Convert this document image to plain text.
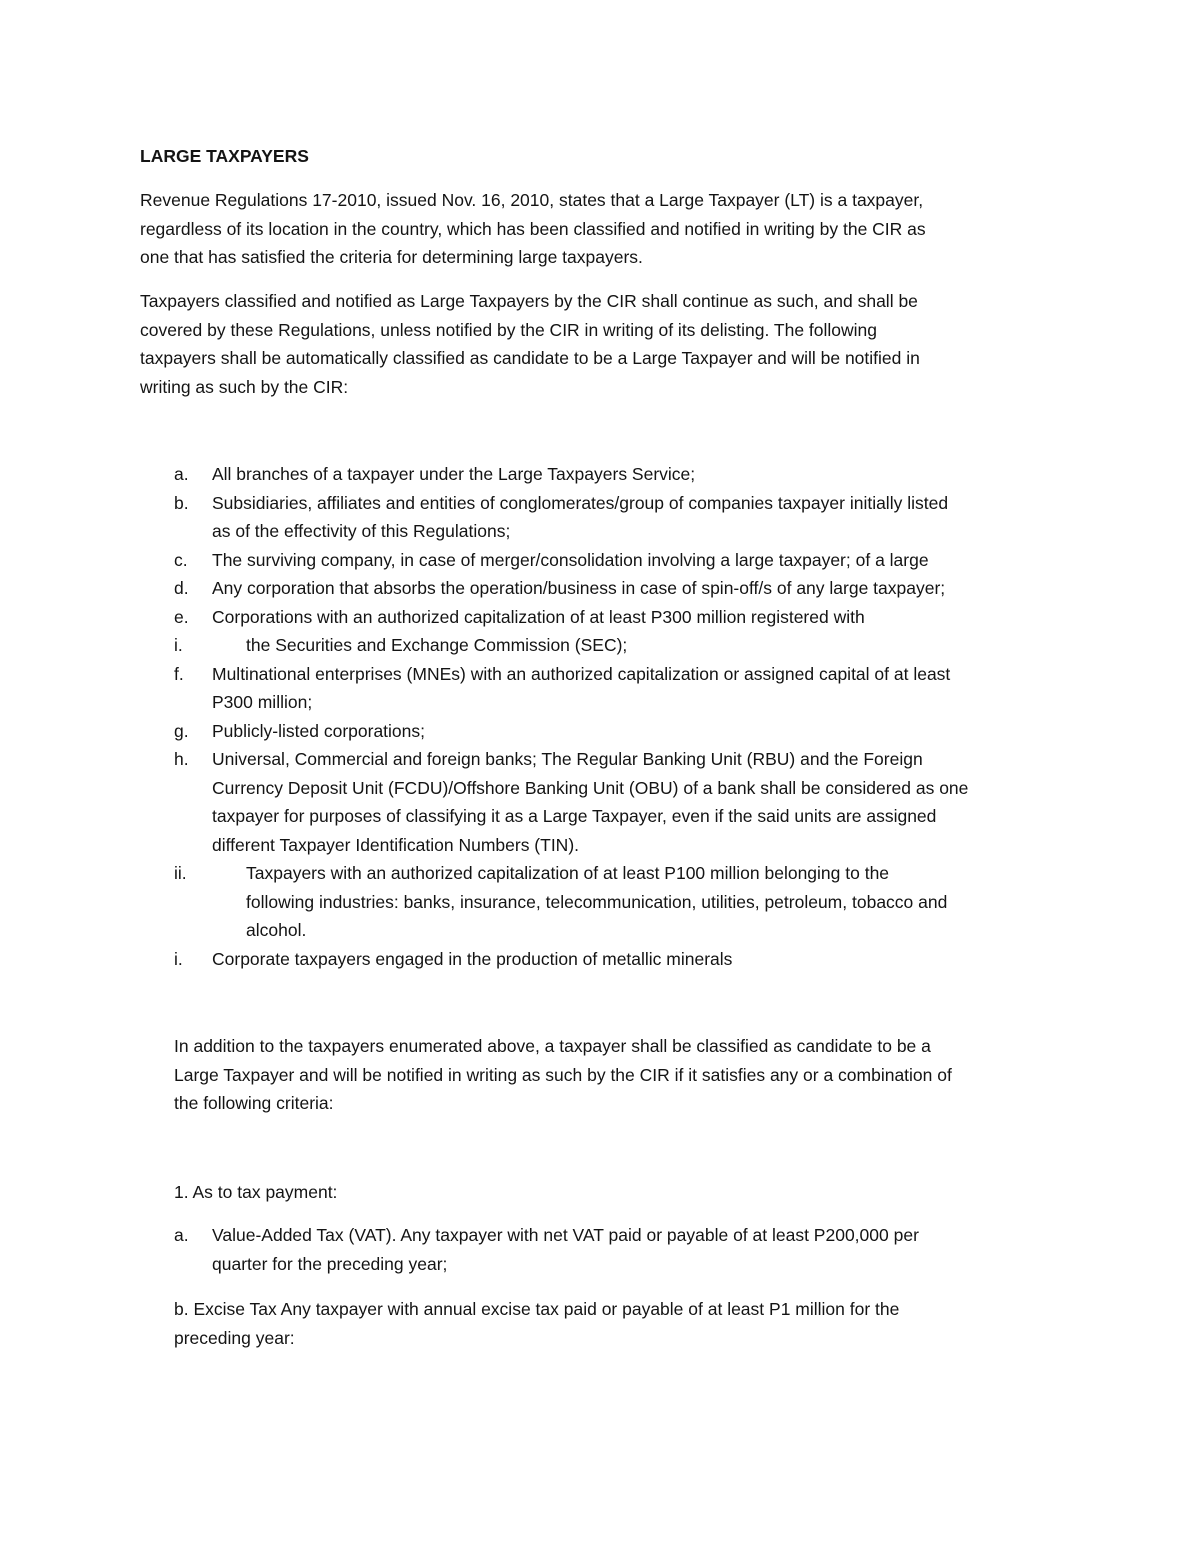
LARGE TAXPAYERS
Revenue Regulations 17-2010, issued Nov. 16, 2010, states that a Large Taxpayer (LT) is a taxpayer,
regardless of its location in the country, which has been classified and notified in writing by the CIR as
one that has satisfied the criteria for determining large taxpayers.
Taxpayers classified and notified as Large Taxpayers by the CIR shall continue as such, and shall be
covered by these Regulations, unless notified by the CIR in writing of its delisting. The following
taxpayers shall be automatically classified as candidate to be a Large Taxpayer and will be notified in
writing as such by the CIR:
a. All branches of a taxpayer under the Large Taxpayers Service;
b. Subsidiaries, affiliates and entities of conglomerates/group of companies taxpayer initially listed
as of the effectivity of this Regulations;
c. The surviving company, in case of merger/consolidation involving a large taxpayer; of a large
d. Any corporation that absorbs the operation/business in case of spin-off/s of any large taxpayer;
e. Corporations with an authorized capitalization of at least P300 million registered with
i.	the Securities and Exchange Commission (SEC);
f. Multinational enterprises (MNEs) with an authorized capitalization or assigned capital of at least
P300 million;
g. Publicly-listed corporations;
h. Universal, Commercial and foreign banks; The Regular Banking Unit (RBU) and the Foreign
Currency Deposit Unit (FCDU)/Offshore Banking Unit (OBU) of a bank shall be considered as one
taxpayer for purposes of classifying it as a Large Taxpayer, even if the said units are assigned
different Taxpayer Identification Numbers (TIN).
ii.	Taxpayers with an authorized capitalization of at least P100 million belonging to the
following industries: banks, insurance, telecommunication, utilities, petroleum, tobacco and
alcohol.
i. Corporate taxpayers engaged in the production of metallic minerals
In addition to the taxpayers enumerated above, a taxpayer shall be classified as candidate to be a
Large Taxpayer and will be notified in writing as such by the CIR if it satisfies any or a combination of
the following criteria:
1. As to tax payment:
a. Value-Added Tax (VAT). Any taxpayer with net VAT paid or payable of at least P200,000 per
quarter for the preceding year;
b. Excise Tax Any taxpayer with annual excise tax paid or payable of at least P1 million for the
preceding year:
